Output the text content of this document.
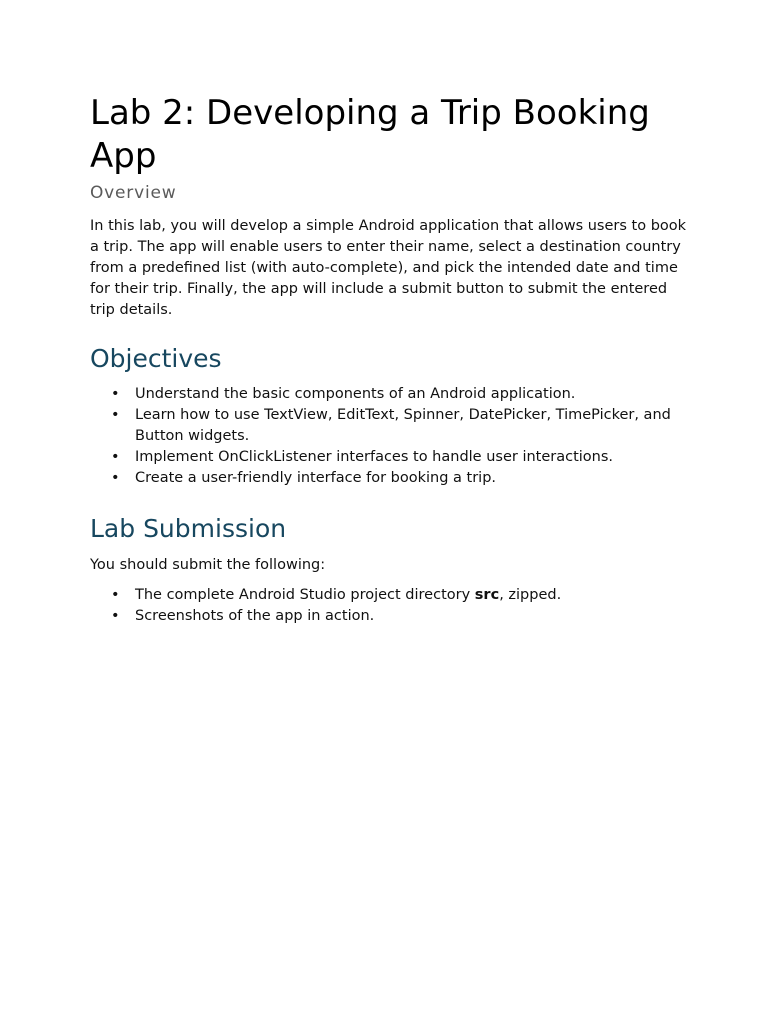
Lab 2: Developing a Trip Booking App
Overview

In this lab, you will develop a simple Android application that allows users to book a trip. The app will enable users to enter their name, select a destination country from a predefined list (with auto-complete), and pick the intended date and time for their trip. Finally, the app will include a submit button to submit the entered trip details.

Objectives
• Understand the basic components of an Android application.
• Learn how to use TextView, EditText, Spinner, DatePicker, TimePicker, and Button widgets.
• Implement OnClickListener interfaces to handle user interactions.
• Create a user-friendly interface for booking a trip.
Lab Submission

You should submit the following:

• The complete Android Studio project directory src, zipped.
• Screenshots of the app in action.
